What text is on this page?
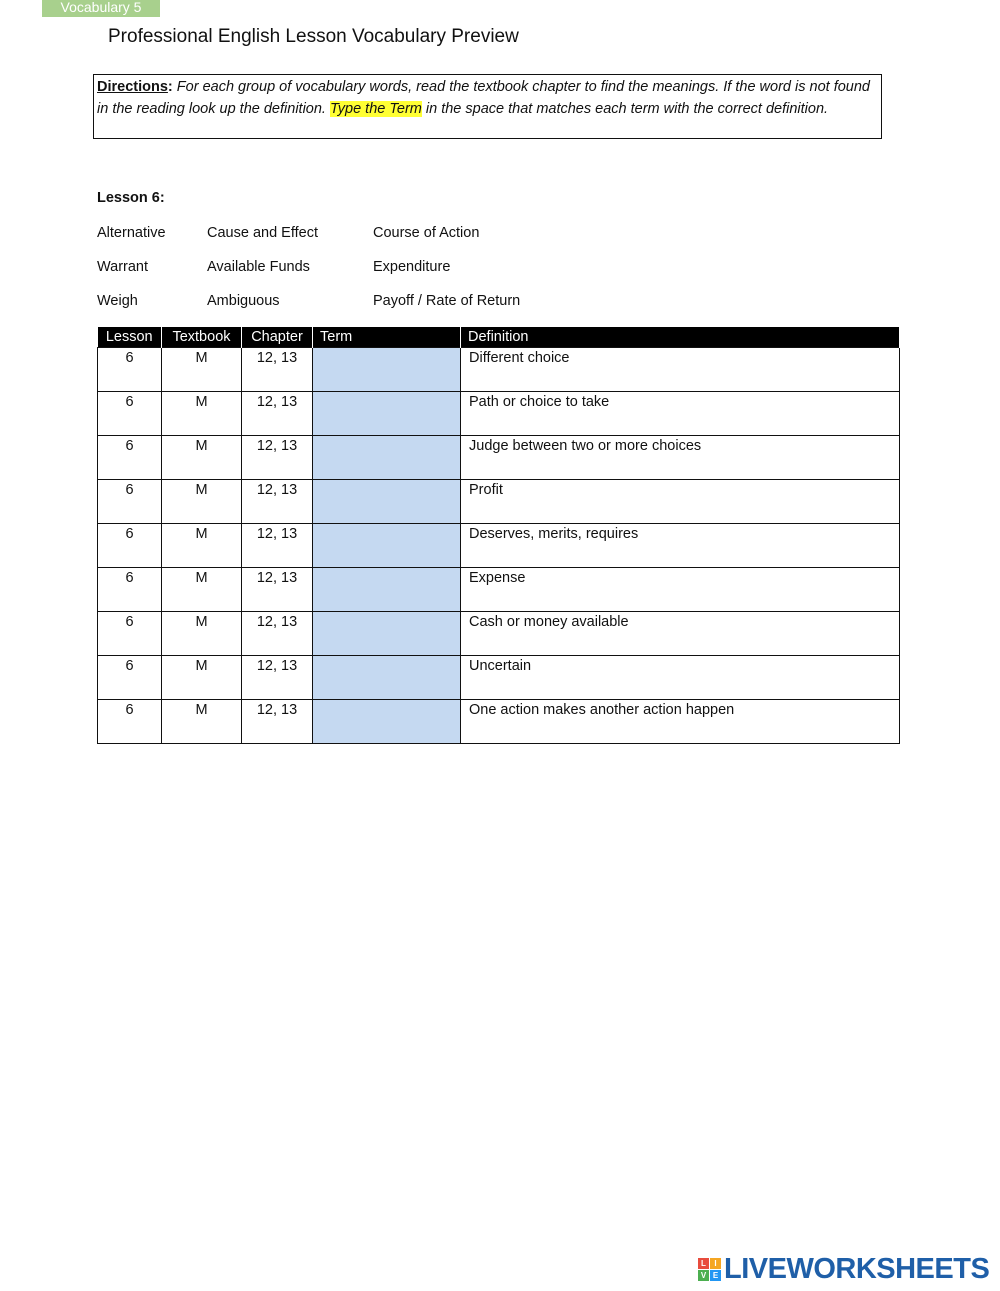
Vocabulary 5
Professional English Lesson Vocabulary Preview
Directions: For each group of vocabulary words, read the textbook chapter to find the meanings. If the word is not found in the reading look up the definition. Type the Term in the space that matches each term with the correct definition.
Lesson 6:
Alternative	Cause and Effect	Course of Action
Warrant	Available Funds	Expenditure
Weigh	Ambiguous	Payoff / Rate of Return
Lesson	Textbook	Chapter	Term	Definition
6	M	12, 13		Different choice
6	M	12, 13		Path or choice to take
6	M	12, 13		Judge between two or more choices
6	M	12, 13		Profit
6	M	12, 13		Deserves, merits, requires
6	M	12, 13		Expense
6	M	12, 13		Cash or money available
6	M	12, 13		Uncertain
6	M	12, 13		One action makes another action happen
L	I
V E LIVEWORKSHEETS
